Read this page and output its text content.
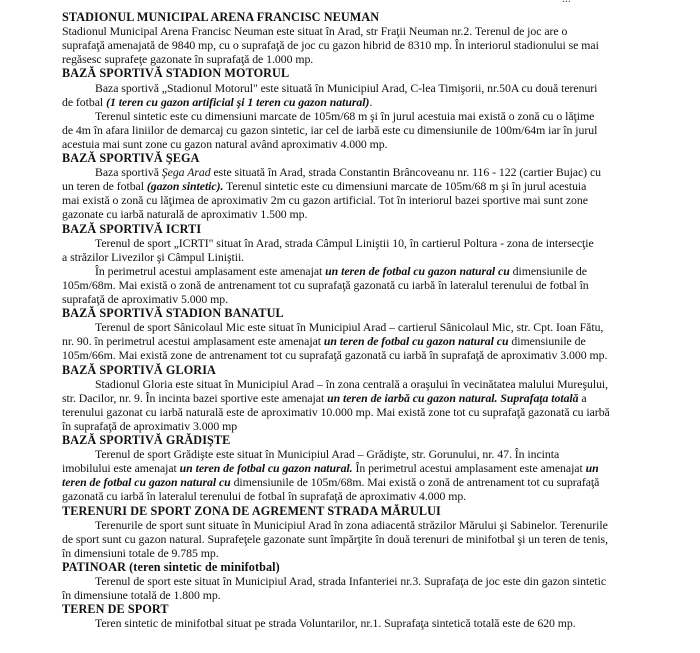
STADIONUL MUNICIPAL ARENA FRANCISC NEUMAN
Stadionul Municipal Arena Francisc Neuman este situat în Arad, str Fraţii Neuman nr.2. Terenul de joc are o
suprafaţă amenajată de 9840 mp, cu o suprafaţă de joc cu gazon hibrid de 8310 mp. În interiorul stadionului se mai
regăsesc suprafeţe gazonate în suprafaţă de 1.000 mp.
BAZĂ SPORTIVĂ STADION MOTORUL
Baza sportivă „Stadionul Motorul" este situată în Municipiul Arad, C-lea Timişorii, nr.50A cu două terenuri
de fotbal (1 teren cu gazon artificial şi 1 teren cu gazon natural).
Terenul sintetic este cu dimensiuni marcate de 105m/68 m şi în jurul acestuia mai există o zonă cu o lăţime
de 4m în afara liniilor de demarcaj cu gazon sintetic, iar cel de iarbă este cu dimensiunile de 100m/64m iar în jurul
acestuia mai sunt zone cu gazon natural având aproximativ 4.000 mp.
BAZĂ SPORTIVĂ ŞEGA
Baza sportivă Şega Arad este situată în Arad, strada Constantin Brâncoveanu nr. 116 - 122 (cartier Bujac) cu
un teren de fotbal (gazon sintetic). Terenul sintetic este cu dimensiuni marcate de 105m/68 m şi în jurul acestuia
mai există o zonă cu lăţimea de aproximativ 2m cu gazon artificial. Tot în interiorul bazei sportive mai sunt zone
gazonate cu iarbă naturală de aproximativ 1.500 mp.
BAZĂ SPORTIVĂ ICRTI
Terenul de sport „ICRTI" situat în Arad, strada Câmpul Liniştii 10, în cartierul Poltura - zona de intersecţie
a străzilor Livezilor şi Câmpul Liniştii.
În perimetrul acestui amplasament este amenajat un teren de fotbal cu gazon natural cu dimensiunile de
105m/68m. Mai există o zonă de antrenament tot cu suprafaţă gazonată cu iarbă în lateralul terenului de fotbal în
suprafaţă de aproximativ 5.000 mp.
BAZĂ SPORTIVĂ STADION BANATUL
Terenul de sport Sânicolaul Mic este situat în Municipiul Arad – cartierul Sânicolaul Mic, str. Cpt. Ioan Fătu,
nr. 90. în perimetrul acestui amplasament este amenajat un teren de fotbal cu gazon natural cu dimensiunile de
105m/66m. Mai există zone de antrenament tot cu suprafaţă gazonată cu iarbă în suprafaţă de aproximativ 3.000 mp.
BAZĂ SPORTIVĂ GLORIA
Stadionul Gloria este situat în Municipiul Arad – în zona centrală a oraşului în vecinătatea malului Mureşului,
str. Dacilor, nr. 9. În incinta bazei sportive este amenajat un teren de iarbă cu gazon natural. Suprafaţa totală a
terenului gazonat cu iarbă naturală este de aproximativ 10.000 mp. Mai există zone tot cu suprafaţă gazonată cu iarbă
în suprafaţă de aproximativ 3.000 mp
BAZĂ SPORTIVĂ GRĂDIŞTE
Terenul de sport Grădişte este situat în Municipiul Arad – Grădişte, str. Gorunului, nr. 47. În incinta
imobilului este amenajat un teren de fotbal cu gazon natural. În perimetrul acestui amplasament este amenajat un
teren de fotbal cu gazon natural cu dimensiunile de 105m/68m. Mai există o zonă de antrenament tot cu suprafaţă
gazonată cu iarbă în lateralul terenului de fotbal în suprafaţă de aproximativ 4.000 mp.
TERENURI DE SPORT ZONA DE AGREMENT STRADA MĂRULUI
Terenurile de sport sunt situate în Municipiul Arad în zona adiacentă străzilor Mărului şi Sabinelor. Terenurile
de sport sunt cu gazon natural. Suprafeţele gazonate sunt împărţite în două terenuri de minifotbal şi un teren de tenis,
în dimensiuni totale de 9.785 mp.
PATINOAR (teren sintetic de minifotbal)
Terenul de sport este situat în Municipiul Arad, strada Infanteriei nr.3. Suprafaţa de joc este din gazon sintetic
în dimensiune totală de 1.800 mp.
TEREN DE SPORT
Teren sintetic de minifotbal situat pe strada Voluntarilor, nr.1. Suprafaţa sintetică totală este de 620 mp.
